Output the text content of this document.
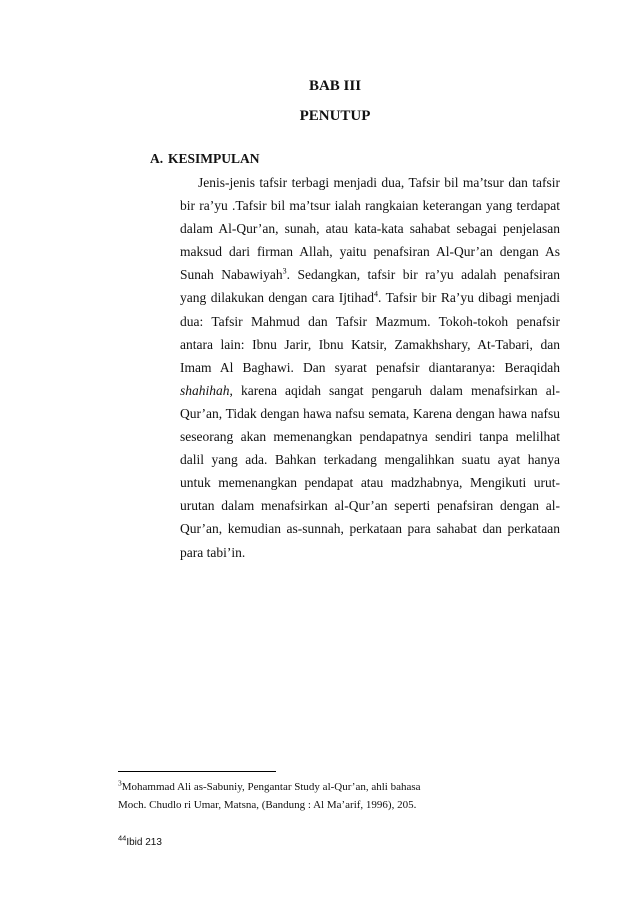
BAB III
PENUTUP
A. KESIMPULAN

Jenis-jenis tafsir terbagi menjadi dua, Tafsir bil ma’tsur dan tafsir bir ra’yu .Tafsir bil ma’tsur ialah rangkaian keterangan yang terdapat dalam Al-Qur’an, sunah, atau kata-kata sahabat sebagai penjelasan maksud dari firman Allah, yaitu penafsiran Al-Qur’an dengan As Sunah Nabawiyah$^3$. Sedangkan, tafsir bir ra’yu adalah penafsiran yang dilakukan dengan cara Ijtihad$^4$. Tafsir bir Ra’yu dibagi menjadi dua: Tafsir Mahmud dan Tafsir Mazmum. Tokoh-tokoh penafsir antara lain: Ibnu Jarir, Ibnu Katsir, Zamakhshary, At-Tabari, dan Imam Al Baghawi. Dan syarat penafsir diantaranya: Beraqidah shahihah, karena aqidah sangat pengaruh dalam menafsirkan al-Qur’an, Tidak dengan hawa nafsu semata, Karena dengan hawa nafsu seseorang akan memenangkan pendapatnya sendiri tanpa melilhat dalil yang ada. Bahkan terkadang mengalihkan suatu ayat hanya untuk memenangkan pendapat atau madzhabnya, Mengikuti urut-urutan dalam menafsirkan al-Qur’an seperti penafsiran dengan al-Qur’an, kemudian as-sunnah, perkataan para sahabat dan perkataan para tabi’in.

$^3$Mohammad Ali as-Sabuniy, Pengantar Study al-Qur’an, ahli bahasa
Moch. Chudlo ri Umar, Matsna, (Bandung : Al Ma’arif, 1996), 205.
$^{44}$Ibid 213
